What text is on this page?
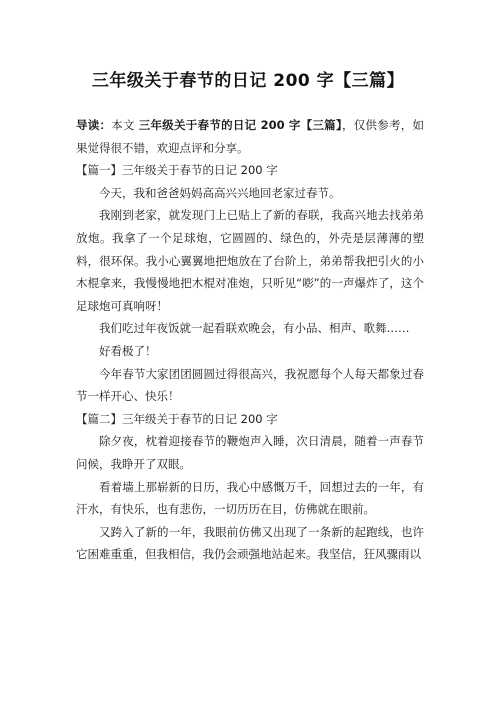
三年级关于春节的日记 200 字【三篇】

导读：本文 三年级关于春节的日记 200 字【三篇】，仅供参考，如果觉得很不错，欢迎点评和分享。

【篇一】三年级关于春节的日记 200 字

今天，我和爸爸妈妈高高兴兴地回老家过春节。

我刚到老家，就发现门上已贴上了新的春联，我高兴地去找弟弟放炮。我拿了一个足球炮，它圆圆的、绿色的，外壳是层薄薄的塑料，很环保。我小心翼翼地把炮放在了台阶上，弟弟帮我把引火的小木棍拿来，我慢慢地把木棍对准炮，只听见“嘭”的一声爆炸了，这个足球炮可真响呀！

我们吃过年夜饭就一起看联欢晚会，有小品、相声、歌舞……

好看极了！

今年春节大家团团圆圆过得很高兴，我祝愿每个人每天都象过春节一样开心、快乐！

【篇二】三年级关于春节的日记 200 字

除夕夜，枕着迎接春节的鞭炮声入睡，次日清晨，随着一声春节问候，我睁开了双眼。

看着墙上那崭新的日历，我心中感慨万千，回想过去的一年，有汗水，有快乐，也有悲伤，一切历历在目，仿佛就在眼前。

又跨入了新的一年，我眼前仿佛又出现了一条新的起跑线，也许它困难重重，但我相信，我仍会顽强地站起来。我坚信，狂风骤雨以
